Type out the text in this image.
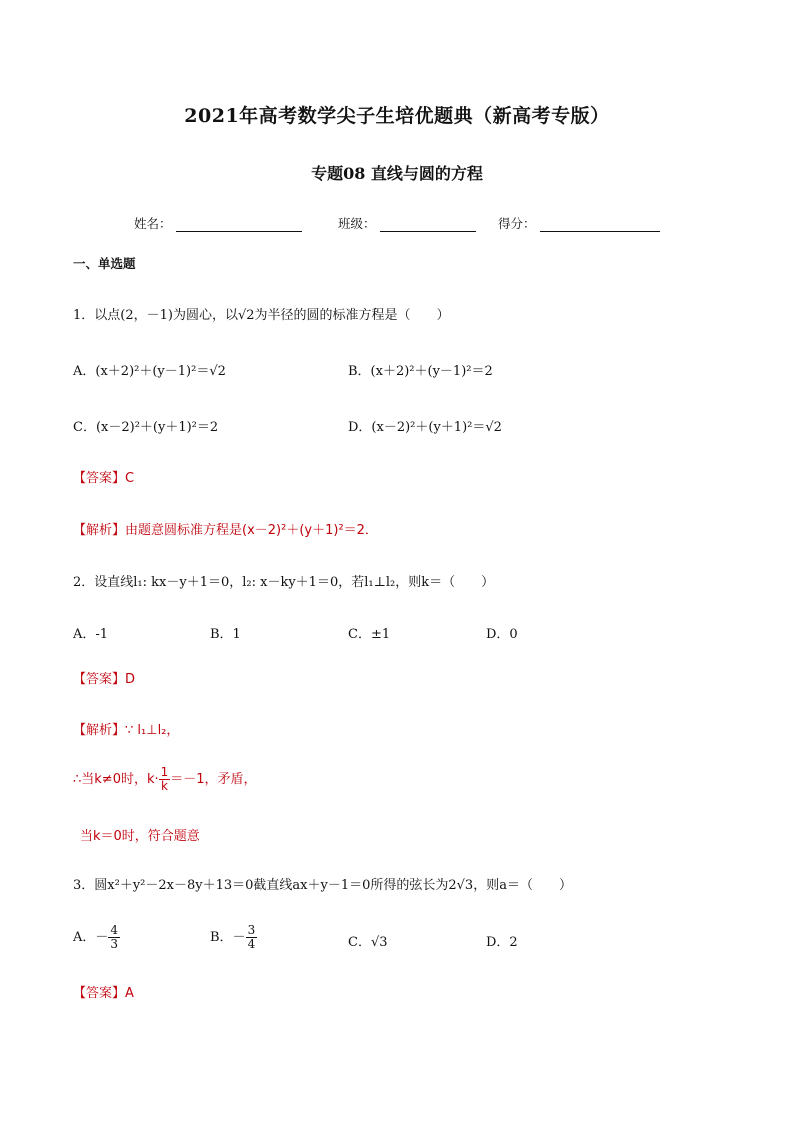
2021年高考数学尖子生培优题典（新高考专版）
专题08 直线与圆的方程
姓名：	班级：	得分：
一、单选题
1．以点(2，－1)为圆心，以√2为半径的圆的标准方程是（　　）
A．(x＋2)²＋(y－1)²＝√2	B．(x＋2)²＋(y－1)²＝2
C．(x－2)²＋(y＋1)²＝2	D．(x－2)²＋(y＋1)²＝√2
【答案】C
【解析】由题意圆标准方程是(x－2)²＋(y＋1)²＝2．
2．设直线l₁: kx－y＋1＝0，l₂: x－ky＋1＝0，若l₁⊥l₂，则k＝（　　）
A．-1	B．1	C．±1	D．0
【答案】D
【解析】∵ l₁⊥l₂，
∴当k≠0时，$k\cdot \frac{1}{k} =-1$，矛盾，
当k＝0时，符合题意
3．圆x²＋y²－2x－8y＋13＝0截直线ax＋y－1＝0所得的弦长为2√3，则a＝（　　）
A．－ $\frac{4}{3}$	B．－ $\frac{3}{4}$	C．√3	D．2
【答案】A
